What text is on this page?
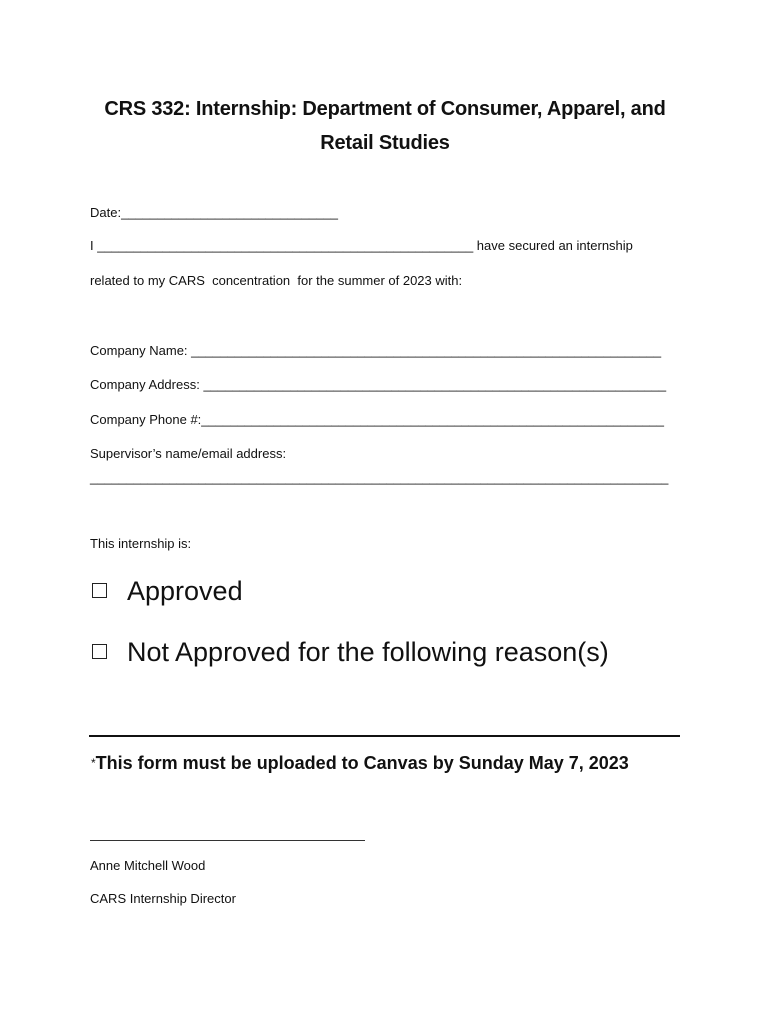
CRS 332: Internship: Department of Consumer, Apparel, and
Retail Studies
Date:______________________________
I ____________________________________________________ have secured an internship
related to my CARS  concentration  for the summer of 2023 with:
Company Name: _________________________________________________________________
Company Address: ________________________________________________________________
Company Phone #:________________________________________________________________
Supervisor’s name/email address:
________________________________________________________________________________
This internship is:
Approved
Not Approved for the following reason(s)
*This form must be uploaded to Canvas by Sunday May 7, 2023
Anne Mitchell Wood
CARS Internship Director
